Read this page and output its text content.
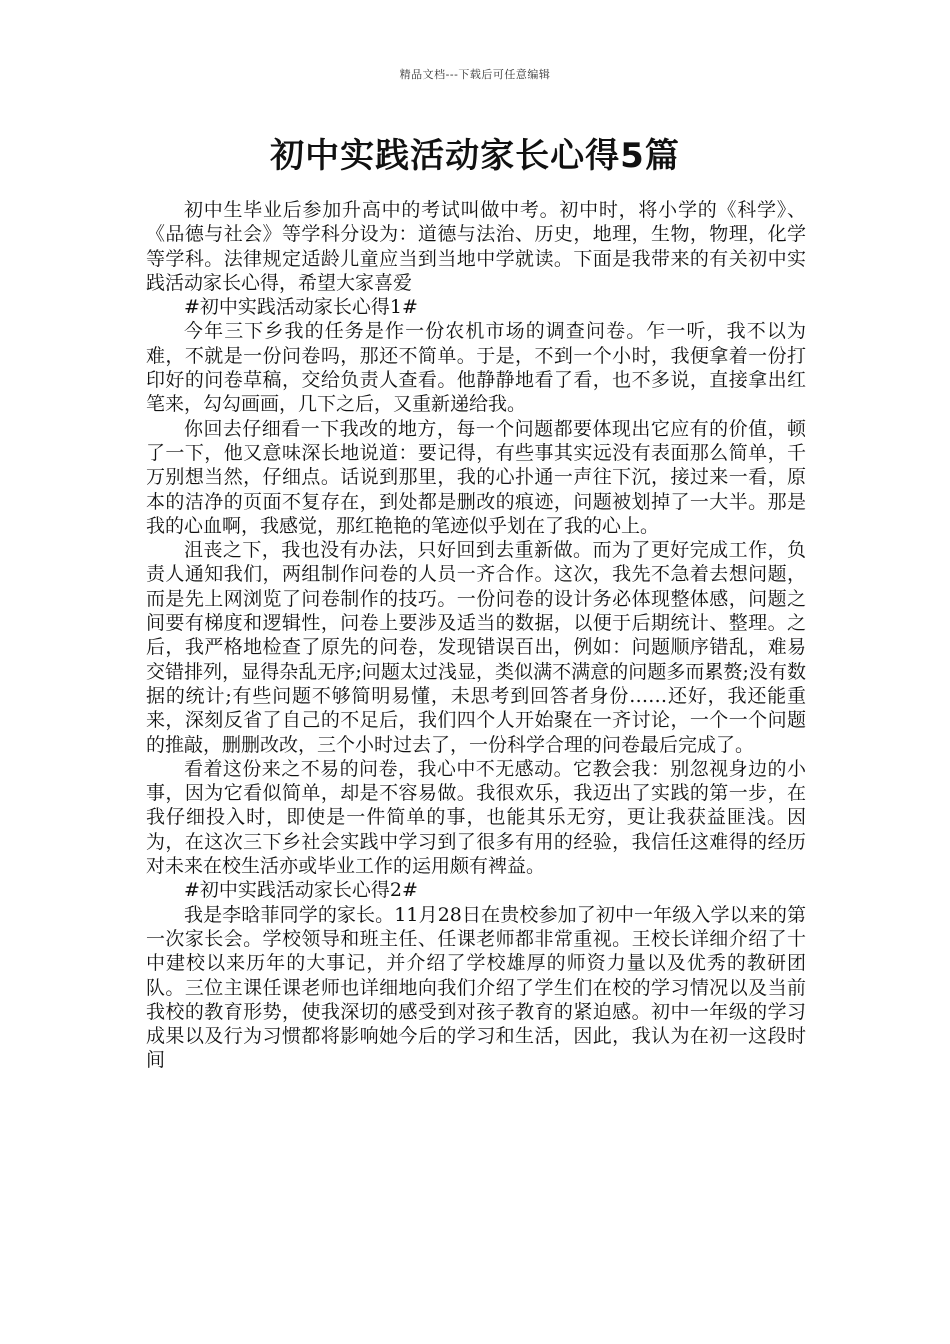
精品文档---下载后可任意编辑
初中实践活动家长心得5篇

初中生毕业后参加升高中的考试叫做中考。初中时，将小学的《科学》、《品德与社会》等学科分设为：道德与法治、历史，地理，生物，物理，化学等学科。法律规定适龄儿童应当到当地中学就读。下面是我带来的有关初中实践活动家长心得，希望大家喜爱

#初中实践活动家长心得1#

今年三下乡我的任务是作一份农机市场的调查问卷。乍一听，我不以为难，不就是一份问卷吗，那还不简单。于是，不到一个小时，我便拿着一份打印好的问卷草稿，交给负责人查看。他静静地看了看，也不多说，直接拿出红笔来，勾勾画画，几下之后，又重新递给我。

你回去仔细看一下我改的地方，每一个问题都要体现出它应有的价值，顿了一下，他又意味深长地说道：要记得，有些事其实远没有表面那么简单，千万别想当然，仔细点。话说到那里，我的心扑通一声往下沉，接过来一看，原本的洁净的页面不复存在，到处都是删改的痕迹，问题被划掉了一大半。那是我的心血啊，我感觉，那红艳艳的笔迹似乎划在了我的心上。

沮丧之下，我也没有办法，只好回到去重新做。而为了更好完成工作，负责人通知我们，两组制作问卷的人员一齐合作。这次，我先不急着去想问题，而是先上网浏览了问卷制作的技巧。一份问卷的设计务必体现整体感，问题之间要有梯度和逻辑性，问卷上要涉及适当的数据，以便于后期统计、整理。之后，我严格地检查了原先的问卷，发现错误百出，例如：问题顺序错乱，难易交错排列，显得杂乱无序;问题太过浅显，类似满不满意的问题多而累赘;没有数据的统计;有些问题不够简明易懂，未思考到回答者身份……还好，我还能重来，深刻反省了自己的不足后，我们四个人开始聚在一齐讨论，一个一个问题的推敲，删删改改，三个小时过去了，一份科学合理的问卷最后完成了。

看着这份来之不易的问卷，我心中不无感动。它教会我：别忽视身边的小事，因为它看似简单，却是不容易做。我很欢乐，我迈出了实践的第一步，在我仔细投入时，即使是一件简单的事，也能其乐无穷，更让我获益匪浅。因为，在这次三下乡社会实践中学习到了很多有用的经验，我信任这难得的经历对未来在校生活亦或毕业工作的运用颇有裨益。

#初中实践活动家长心得2#

我是李晗菲同学的家长。11月28日在贵校参加了初中一年级入学以来的第一次家长会。学校领导和班主任、任课老师都非常重视。王校长详细介绍了十中建校以来历年的大事记，并介绍了学校雄厚的师资力量以及优秀的教研团队。三位主课任课老师也详细地向我们介绍了学生们在校的学习情况以及当前我校的教育形势，使我深切的感受到对孩子教育的紧迫感。初中一年级的学习成果以及行为习惯都将影响她今后的学习和生活，因此，我认为在初一这段时间
